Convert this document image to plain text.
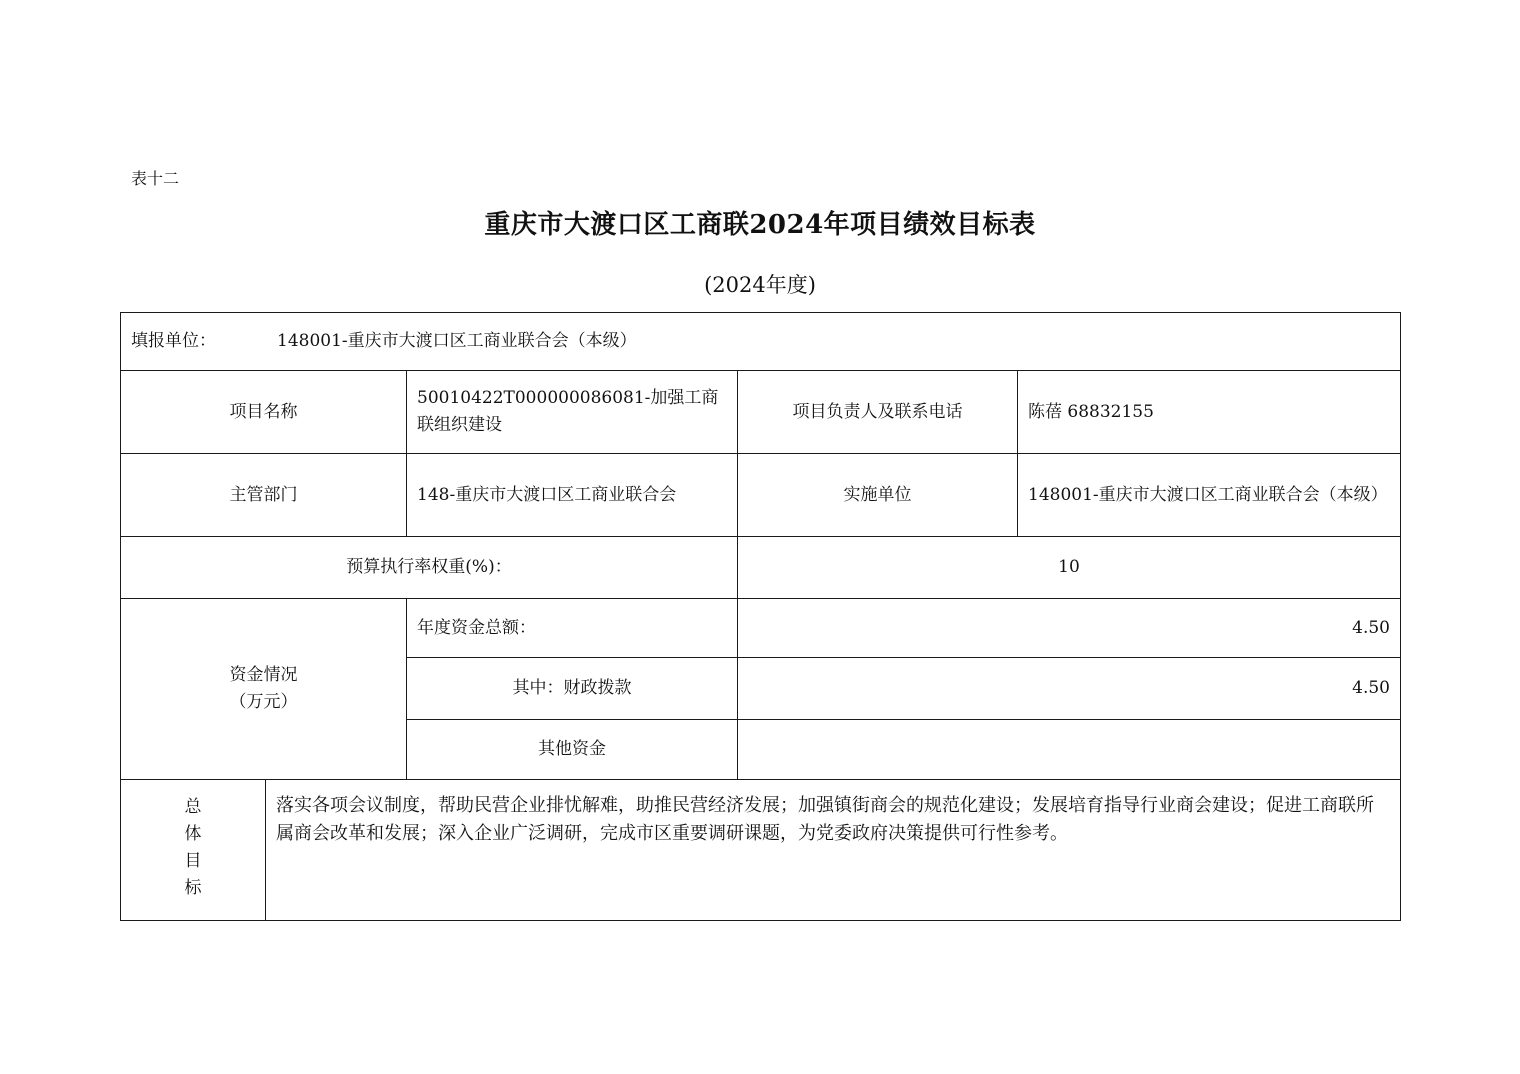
表十二
重庆市大渡口区工商联2024年项目绩效目标表
(2024年度)
填报单位： 148001-重庆市大渡口区工商业联合会（本级）				
项目名称		50010422T000000086081-加强工商联组织建设	项目负责人及联系电话	陈蓓 68832155
主管部门		148-重庆市大渡口区工商业联合会	实施单位	148001-重庆市大渡口区工商业联合会（本级）
预算执行率权重(%)：			10	

资金情况
（万元）		年度资金总额：	4.50	
		其中：财政拨款	4.50	
		其他资金		
总
体
目
标	落实各项会议制度，帮助民营企业排忧解难，助推民营经济发展；加强镇街商会的规范化建设；发展培育指导行业商会建设；促进工商联所属商会改革和发展；深入企业广泛调研，完成市区重要调研课题，为党委政府决策提供可行性参考。			
